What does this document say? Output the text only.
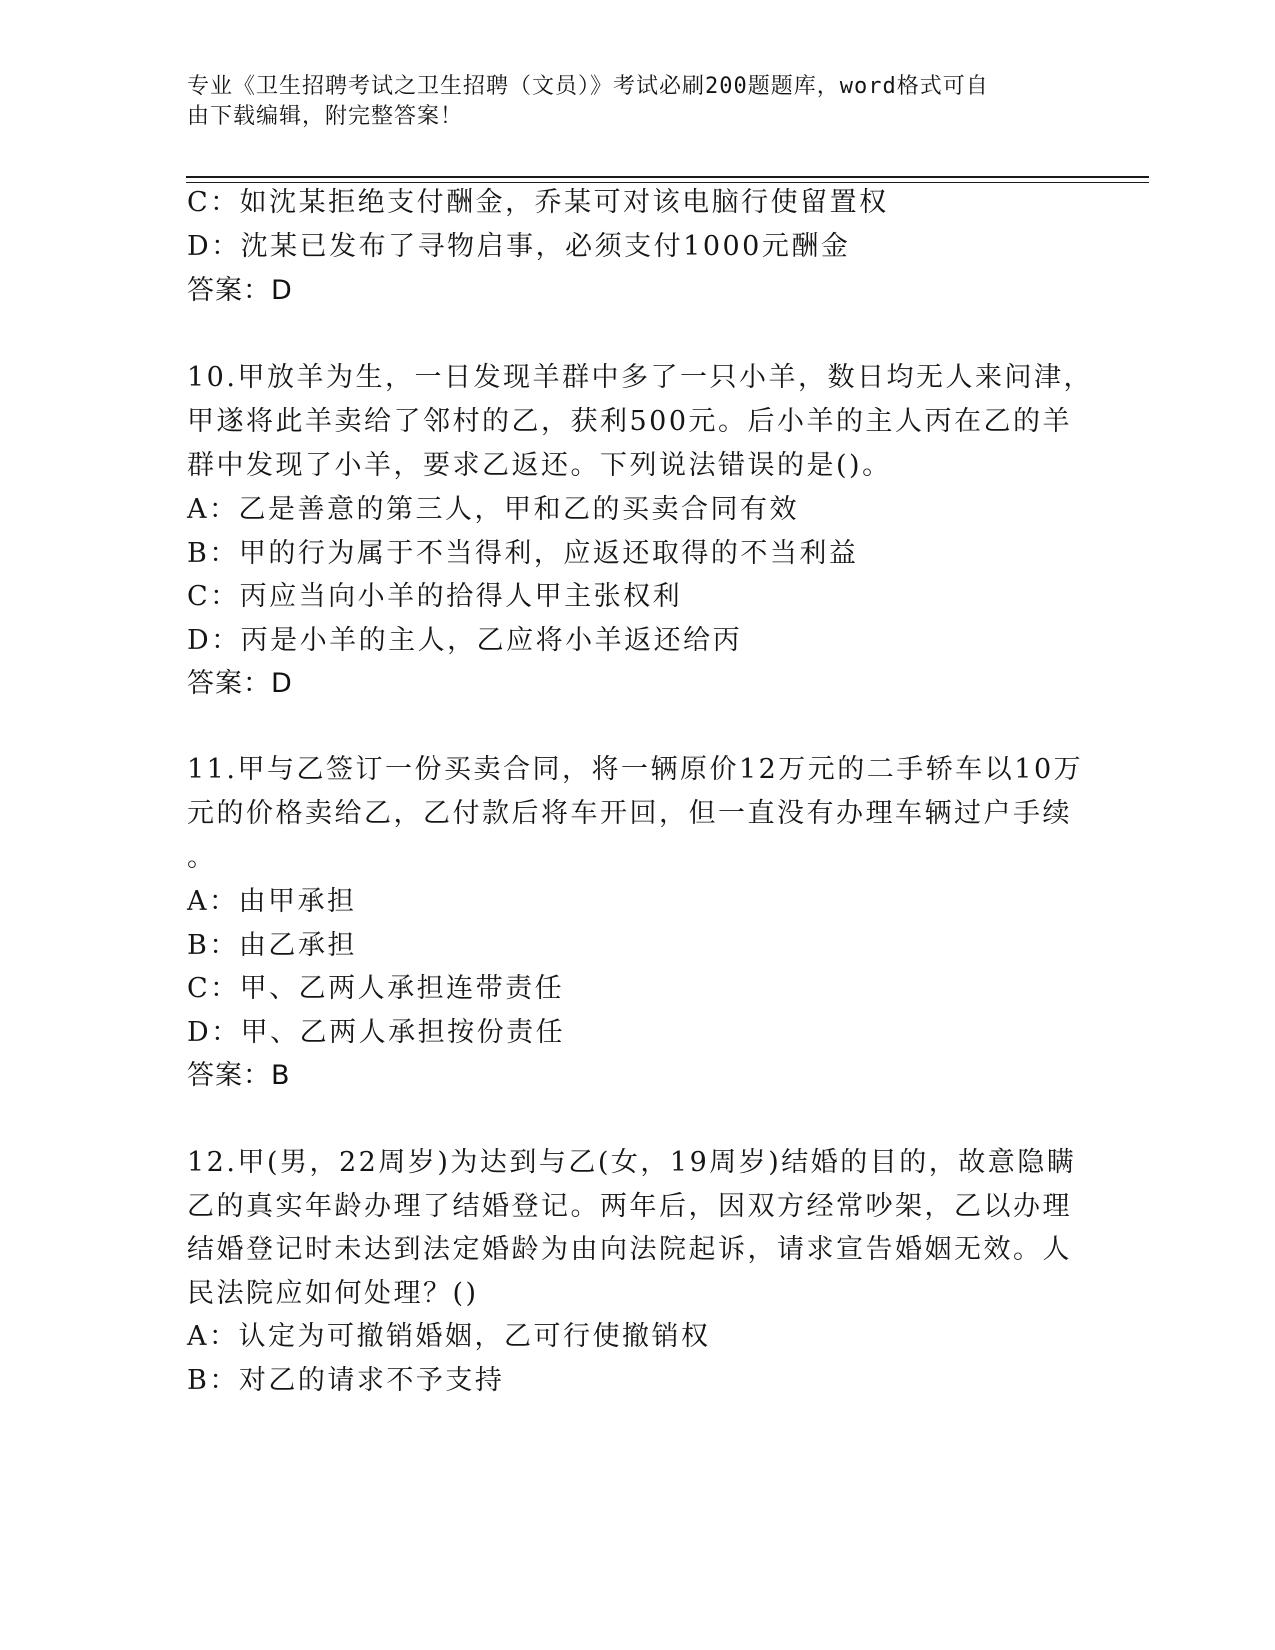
专业《卫生招聘考试之卫生招聘（文员）》考试必刷200题题库，word格式可自
由下载编辑，附完整答案！
C：如沈某拒绝支付酬金，乔某可对该电脑行使留置权
D：沈某已发布了寻物启事，必须支付1000元酬金
答案：D
10.甲放羊为生，一日发现羊群中多了一只小羊，数日均无人来问津，
甲遂将此羊卖给了邻村的乙，获利500元。后小羊的主人丙在乙的羊
群中发现了小羊，要求乙返还。下列说法错误的是()。
A：乙是善意的第三人，甲和乙的买卖合同有效
B：甲的行为属于不当得利，应返还取得的不当利益
C：丙应当向小羊的拾得人甲主张权利
D：丙是小羊的主人，乙应将小羊返还给丙
答案：D
11.甲与乙签订一份买卖合同，将一辆原价12万元的二手轿车以10万
元的价格卖给乙，乙付款后将车开回，但一直没有办理车辆过户手续
。
A：由甲承担
B：由乙承担
C：甲、乙两人承担连带责任
D：甲、乙两人承担按份责任
答案：B
12.甲(男，22周岁)为达到与乙(女，19周岁)结婚的目的，故意隐瞒
乙的真实年龄办理了结婚登记。两年后，因双方经常吵架，乙以办理
结婚登记时未达到法定婚龄为由向法院起诉，请求宣告婚姻无效。人
民法院应如何处理？()
A：认定为可撤销婚姻，乙可行使撤销权
B：对乙的请求不予支持
